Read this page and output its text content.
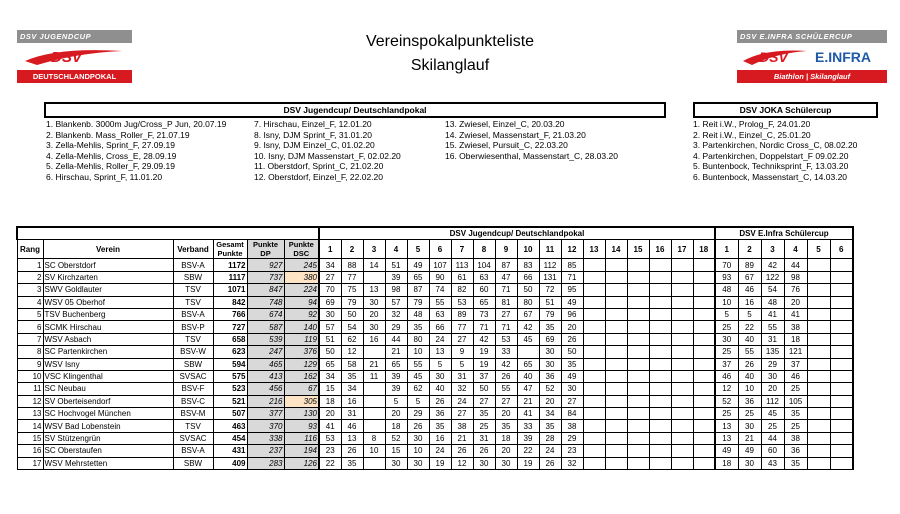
DSV JUGENDCUP
DSV
DEUTSCHLANDPOKAL
DSV E.INFRA SCHÜLERCUP
DSV E.INFRA
Biathlon | Skilanglauf
Vereinspokalpunkteliste
Skilanglauf
DSV Jugendcup/ Deutschlandpokal	DSV JOKA Schülercup
1. Blankenb. 3000m Jug/Cross_P Jun, 20.07.19
2. Blankenb. Mass_Roller_F, 21.07.19
3. Zella-Mehlis, Sprint_F, 27.09.19
4. Zella-Mehlis, Cross_E, 28.09.19
5. Zella-Mehlis, Roller_F, 29.09.19
6. Hirschau, Sprint_F, 11.01.20
7. Hirschau, Einzel_F, 12.01.20
8. Isny, DJM Sprint_F, 31.01.20
9. Isny, DJM Einzel_C, 01.02.20
10. Isny, DJM Massenstart_F, 02.02.20
11. Oberstdorf, Sprint_C, 21.02.20
12. Oberstdorf, Einzel_F, 22.02.20
13. Zwiesel, Einzel_C, 20.03.20
14. Zwiesel, Massenstart_F, 21.03.20
15. Zwiesel, Pursuit_C, 22.03.20
16. Oberwiesenthal, Massenstart_C, 28.03.20
1. Reit i.W., Prolog_F, 24.01.20
2. Reit i.W., Einzel_C, 25.01.20
3. Partenkirchen, Nordic Cross_C, 08.02.20
4. Partenkirchen, Doppelstart_F 09.02.20
5. Buntenbock, Techniksprint_F, 13.03.20
6. Buntenbock, Massenstart_C, 14.03.20
						DSV Jugendcup/ Deutschlandpokal																		DSV E.Infra Schülercup					
Rang	Verein	Verband	Gesamt Punkte	Punkte DP	Punkte DSC	1	2	3	4	5	6	7	8	9	10	11	12	13	14	15	16	17	18	1	2	3	4	5	6
1	SC Oberstdorf	BSV-A	1172	927	245	34	88	14	51	49	107	113	104	87	83	112	85							70	89	42	44		
2	SV Kirchzarten	SBW	1117	737	380	27	77		39	65	90	61	63	47	66	131	71							93	67	122	98		
3	SWV Goldlauter	TSV	1071	847	224	70	75	13	98	87	74	82	60	71	50	72	95							48	46	54	76		
4	WSV 05 Oberhof	TSV	842	748	94	69	79	30	57	79	55	53	65	81	80	51	49							10	16	48	20		
5	TSV Buchenberg	BSV-A	766	674	92	30	50	20	32	48	63	89	73	27	67	79	96							5	5	41	41		
6	SCMK Hirschau	BSV-P	727	587	140	57	54	30	29	35	66	77	71	71	42	35	20							25	22	55	38		
7	WSV Asbach	TSV	658	539	119	51	62	16	44	80	24	27	42	53	45	69	26							30	40	31	18		
8	SC Partenkirchen	BSV-W	623	247	376	50	12		21	10	13	9	19	33		30	50							25	55	135	121		
9	WSV Isny	SBW	594	465	129	65	58	21	65	55	5	5	19	42	65	30	35							37	26	29	37		
10	VSC Klingenthal	SVSAC	575	413	162	34	35	11	39	45	30	31	37	26	40	36	49							46	40	30	46		
11	SC Neubau	BSV-F	523	456	67	15	34		39	62	40	32	50	55	47	52	30							12	10	20	25		
12	SV Oberteisendorf	BSV-C	521	216	305	18	16		5	5	26	24	27	27	21	20	27							52	36	112	105		
13	SC Hochvogel München	BSV-M	507	377	130	20	31		20	29	36	27	35	20	41	34	84							25	25	45	35		
14	WSV Bad Lobenstein	TSV	463	370	93	41	46		18	26	35	38	25	35	33	35	38							13	30	25	25		
15	SV Stützengrün	SVSAC	454	338	116	53	13	8	52	30	16	21	31	18	39	28	29							13	21	44	38		
16	SC Oberstaufen	BSV-A	431	237	194	23	26	10	15	10	24	26	26	20	22	24	23							49	49	60	36		
17	WSV Mehrstetten	SBW	409	283	126	22	35		30	30	19	12	30	30	19	26	32							18	30	43	35		
